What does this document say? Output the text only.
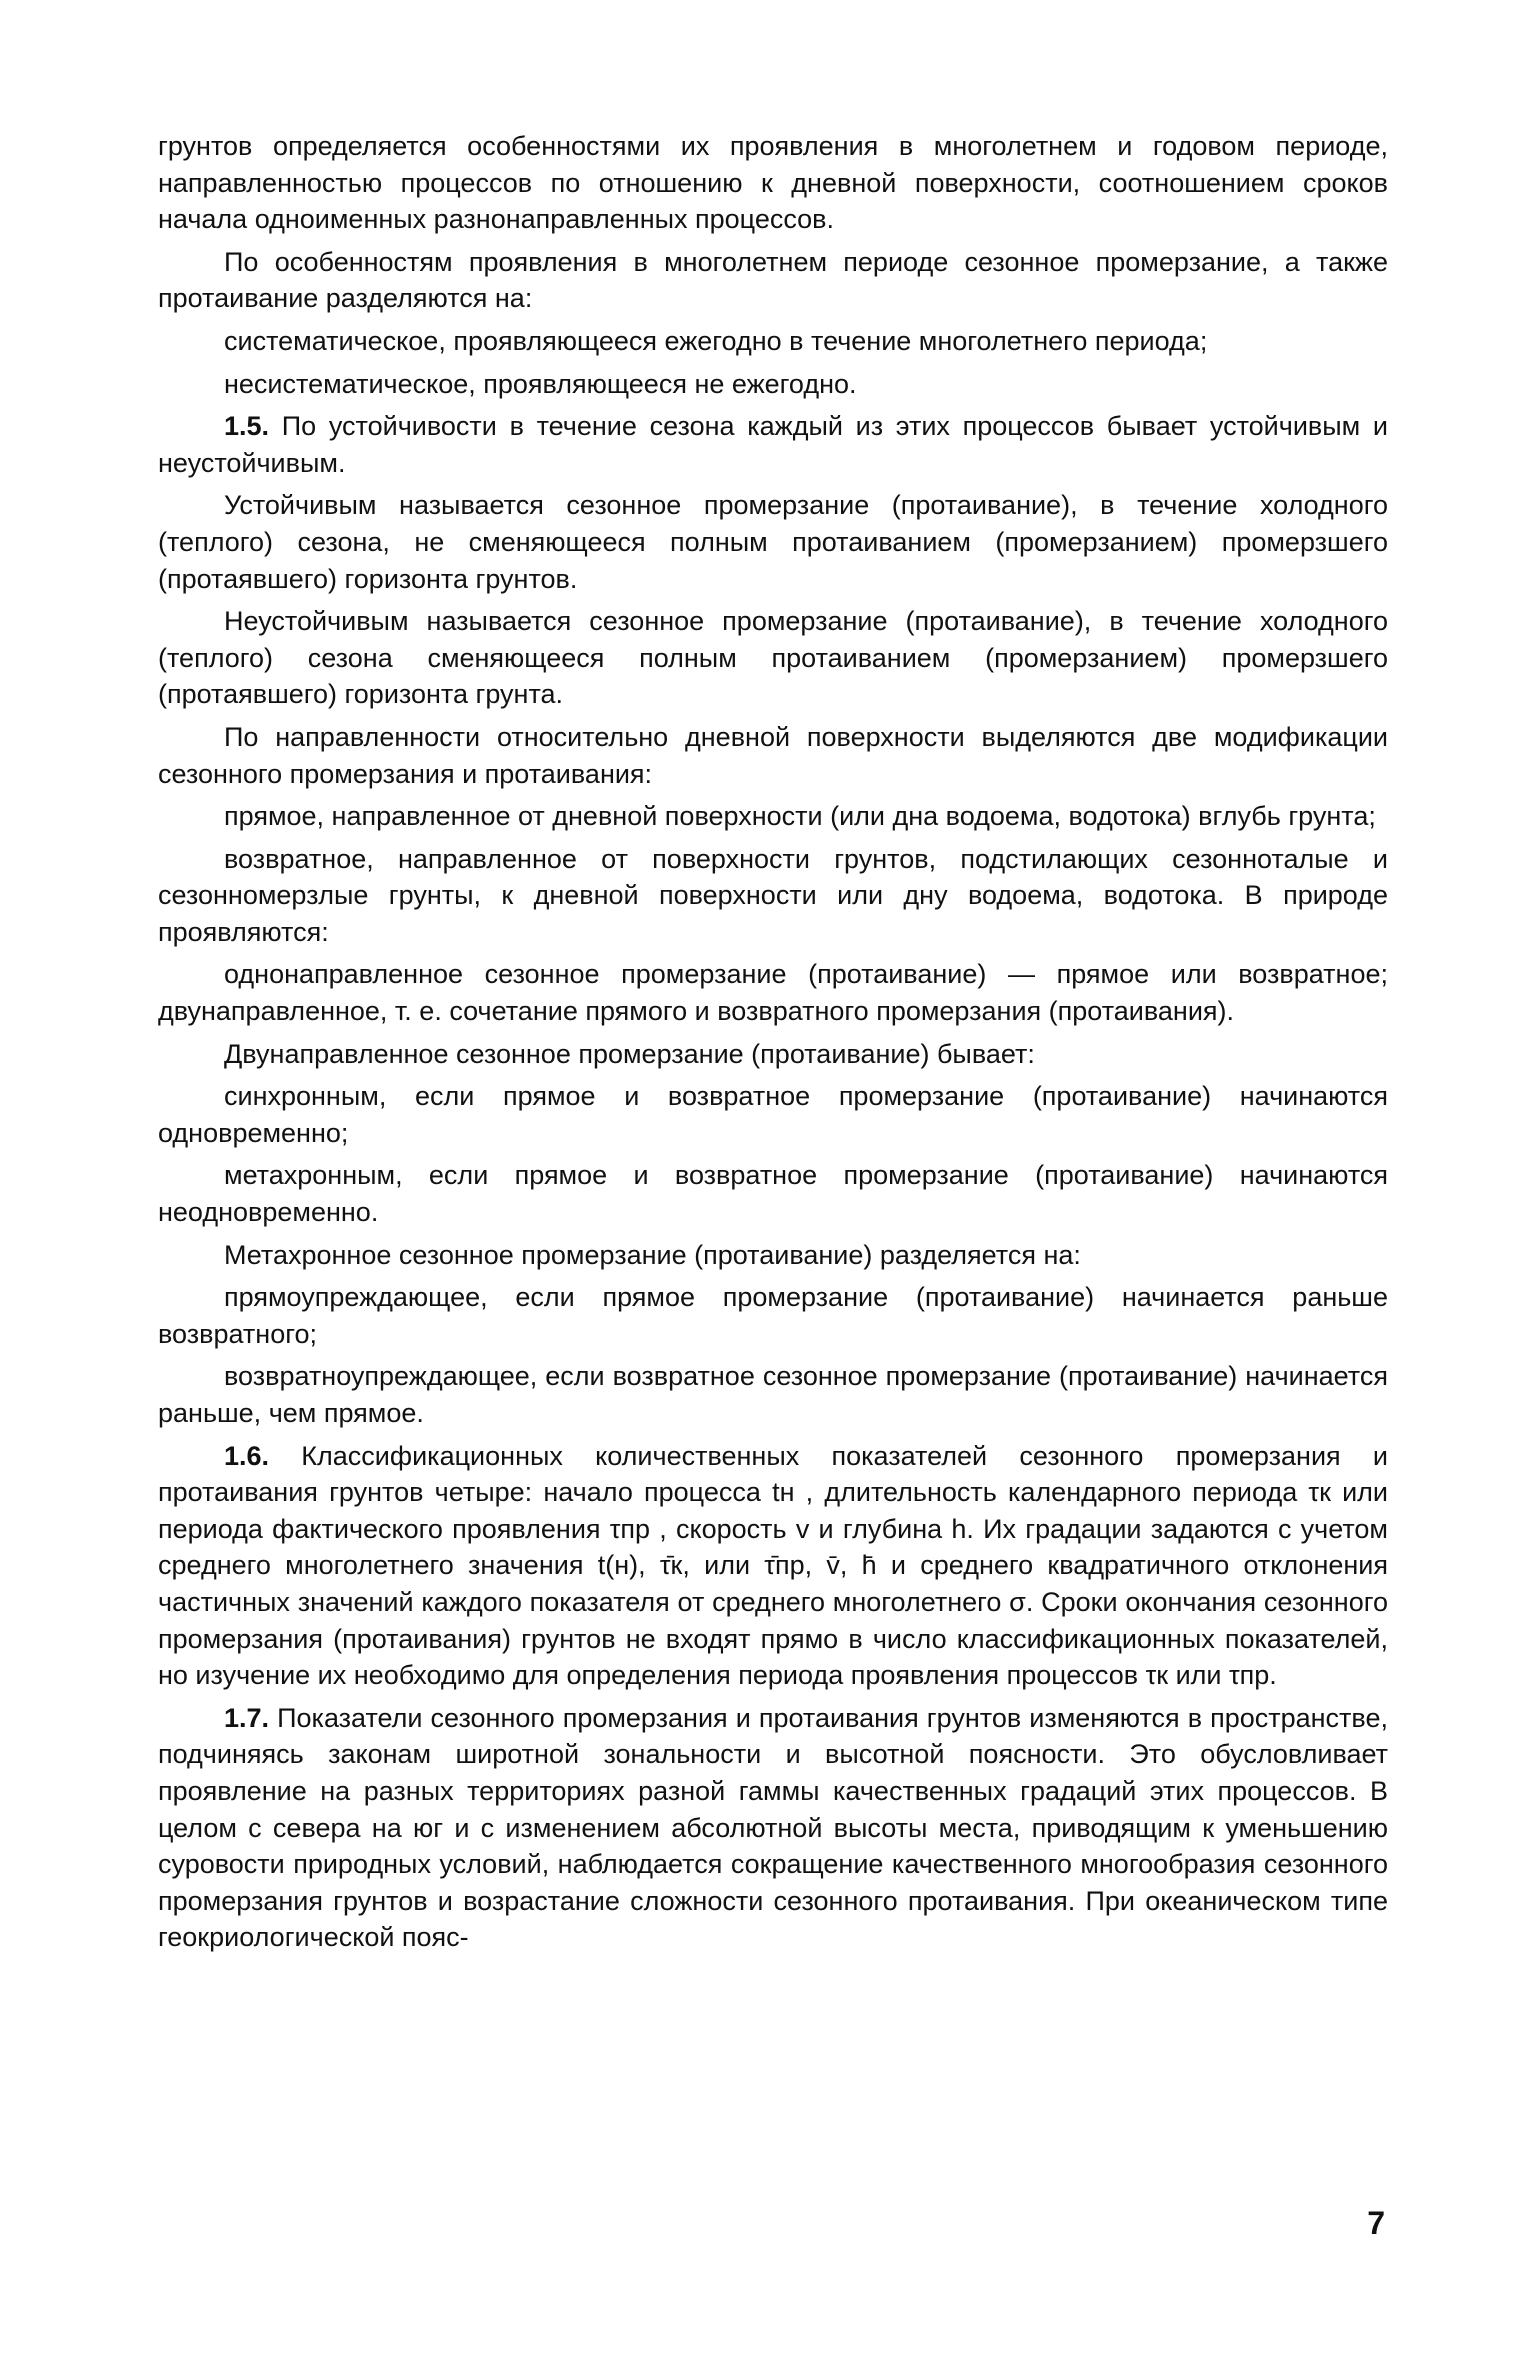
грунтов определяется особенностями их проявления в многолетнем и годовом периоде, направленностью процессов по отношению к дневной поверхности, соотношением сроков начала одноименных разнонаправленных процессов.

По особенностям проявления в многолетнем периоде сезонное промерзание, а также протаивание разделяются на:

систематическое, проявляющееся ежегодно в течение многолетнего периода;

несистематическое, проявляющееся не ежегодно.

1.5. По устойчивости в течение сезона каждый из этих процессов бывает устойчивым и неустойчивым.

Устойчивым называется сезонное промерзание (протаивание), в течение холодного (теплого) сезона, не сменяющееся полным протаиванием (промерзанием) промерзшего (протаявшего) горизонта грунтов.

Неустойчивым называется сезонное промерзание (протаивание), в течение холодного (теплого) сезона сменяющееся полным протаиванием (промерзанием) промерзшего (протаявшего) горизонта грунта.

По направленности относительно дневной поверхности выделяются две модификации сезонного промерзания и протаивания:

прямое, направленное от дневной поверхности (или дна водоема, водотока) вглубь грунта;

возвратное, направленное от поверхности грунтов, подстилающих сезонноталые и сезонномерзлые грунты, к дневной поверхности или дну водоема, водотока. В природе проявляются:

однонаправленное сезонное промерзание (протаивание) — прямое или возвратное; двунаправленное, т. е. сочетание прямого и возвратного промерзания (протаивания).

Двунаправленное сезонное промерзание (протаивание) бывает:

синхронным, если прямое и возвратное промерзание (протаивание) начинаются одновременно;

метахронным, если прямое и возвратное промерзание (протаивание) начинаются неодновременно.

Метахронное сезонное промерзание (протаивание) разделяется на:

прямоупреждающее, если прямое промерзание (протаивание) начинается раньше возвратного;

возвратноупреждающее, если возвратное сезонное промерзание (протаивание) начинается раньше, чем прямое.

1.6. Классификационных количественных показателей сезонного промерзания и протаивания грунтов четыре: начало процесса tн , длительность календарного периода τк или периода фактического проявления τпр , скорость v и глубина h. Их градации задаются с учетом среднего многолетнего значения t(н), τ̄к, или τ̄пр, v̄, h̄ и среднего квадратичного отклонения частичных значений каждого показателя от среднего многолетнего σ. Сроки окончания сезонного промерзания (протаивания) грунтов не входят прямо в число классификационных показателей, но изучение их необходимо для определения периода проявления процессов τк или τпр.

1.7. Показатели сезонного промерзания и протаивания грунтов изменяются в пространстве, подчиняясь законам широтной зональности и высотной поясности. Это обусловливает проявление на разных территориях разной гаммы качественных градаций этих процессов. В целом с севера на юг и с изменением абсолютной высоты места, приводящим к уменьшению суровости природных условий, наблюдается сокращение качественного многообразия сезонного промерзания грунтов и возрастание сложности сезонного протаивания. При океаническом типе геокриологической пояс-

7
